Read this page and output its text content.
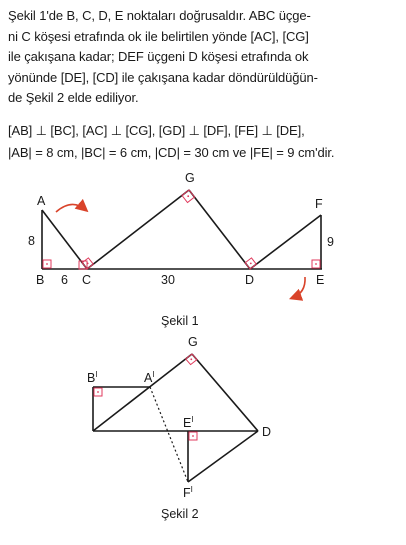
Şekil 1'de B, C, D, E noktaları doğrusaldır. ABC üçge-

ni C köşesi etrafında ok ile belirtilen yönde [AC], [CG]

ile çakışana kadar; DEF üçgeni D köşesi etrafında ok

yönünde [DE], [CD] ile çakışana kadar döndürüldüğün-

de Şekil 2 elde ediliyor.

[AB] ⊥ [BC], [AC] ⊥ [CG], [GD] ⊥ [DF], [FE] ⊥ [DE],

|AB| = 8 cm, |BC| = 6 cm, |CD| = 30 cm ve |FE| = 9 cm'dir.

A
B	C	D	E
F
G
8
6	30
9
Şekil 1
G
$B^I$	$A^I$
$E^I$
D
$F^I$
Şekil 2
